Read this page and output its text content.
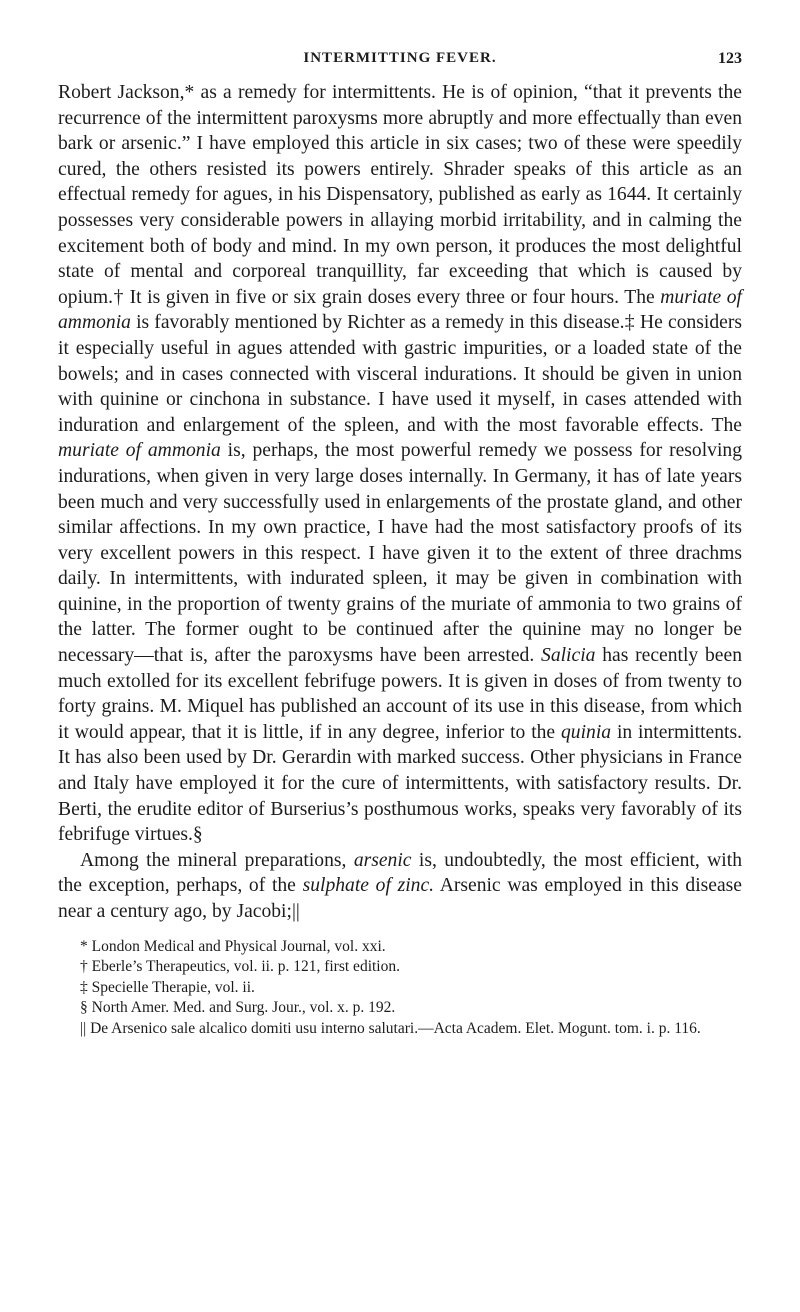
INTERMITTING FEVER.	123

Robert Jackson,* as a remedy for intermittents. He is of opinion, “that it prevents the recurrence of the intermittent paroxysms more abruptly and more effectually than even bark or arsenic.” I have employed this article in six cases; two of these were speedily cured, the others resisted its powers entirely. Shrader speaks of this article as an effectual remedy for agues, in his Dispensatory, published as early as 1644. It certainly possesses very considerable powers in allaying morbid irritability, and in calming the excitement both of body and mind. In my own person, it produces the most delightful state of mental and corporeal tranquillity, far exceeding that which is caused by opium.† It is given in five or six grain doses every three or four hours. The muriate of ammonia is favorably mentioned by Richter as a remedy in this disease.‡ He considers it especially useful in agues attended with gastric impurities, or a loaded state of the bowels; and in cases connected with visceral indurations. It should be given in union with quinine or cinchona in substance. I have used it myself, in cases attended with induration and enlargement of the spleen, and with the most favorable effects. The muriate of ammonia is, perhaps, the most powerful remedy we possess for resolving indurations, when given in very large doses internally. In Germany, it has of late years been much and very successfully used in enlargements of the prostate gland, and other similar affections. In my own practice, I have had the most satisfactory proofs of its very excellent powers in this respect. I have given it to the extent of three drachms daily. In intermittents, with indurated spleen, it may be given in combination with quinine, in the proportion of twenty grains of the muriate of ammonia to two grains of the latter. The former ought to be continued after the quinine may no longer be necessary—that is, after the paroxysms have been arrested. Salicia has recently been much extolled for its excellent febrifuge powers. It is given in doses of from twenty to forty grains. M. Miquel has published an account of its use in this disease, from which it would appear, that it is little, if in any degree, inferior to the quinia in intermittents. It has also been used by Dr. Gerardin with marked success. Other physicians in France and Italy have employed it for the cure of intermittents, with satisfactory results. Dr. Berti, the erudite editor of Burserius’s posthumous works, speaks very favorably of its febrifuge virtues.§

Among the mineral preparations, arsenic is, undoubtedly, the most efficient, with the exception, perhaps, of the sulphate of zinc. Arsenic was employed in this disease near a century ago, by Jacobi;||

* London Medical and Physical Journal, vol. xxi.

† Eberle’s Therapeutics, vol. ii. p. 121, first edition.

‡ Specielle Therapie, vol. ii.

§ North Amer. Med. and Surg. Jour., vol. x. p. 192.

|| De Arsenico sale alcalico domiti usu interno salutari.—Acta Academ. Elet. Mogunt. tom. i. p. 116.
